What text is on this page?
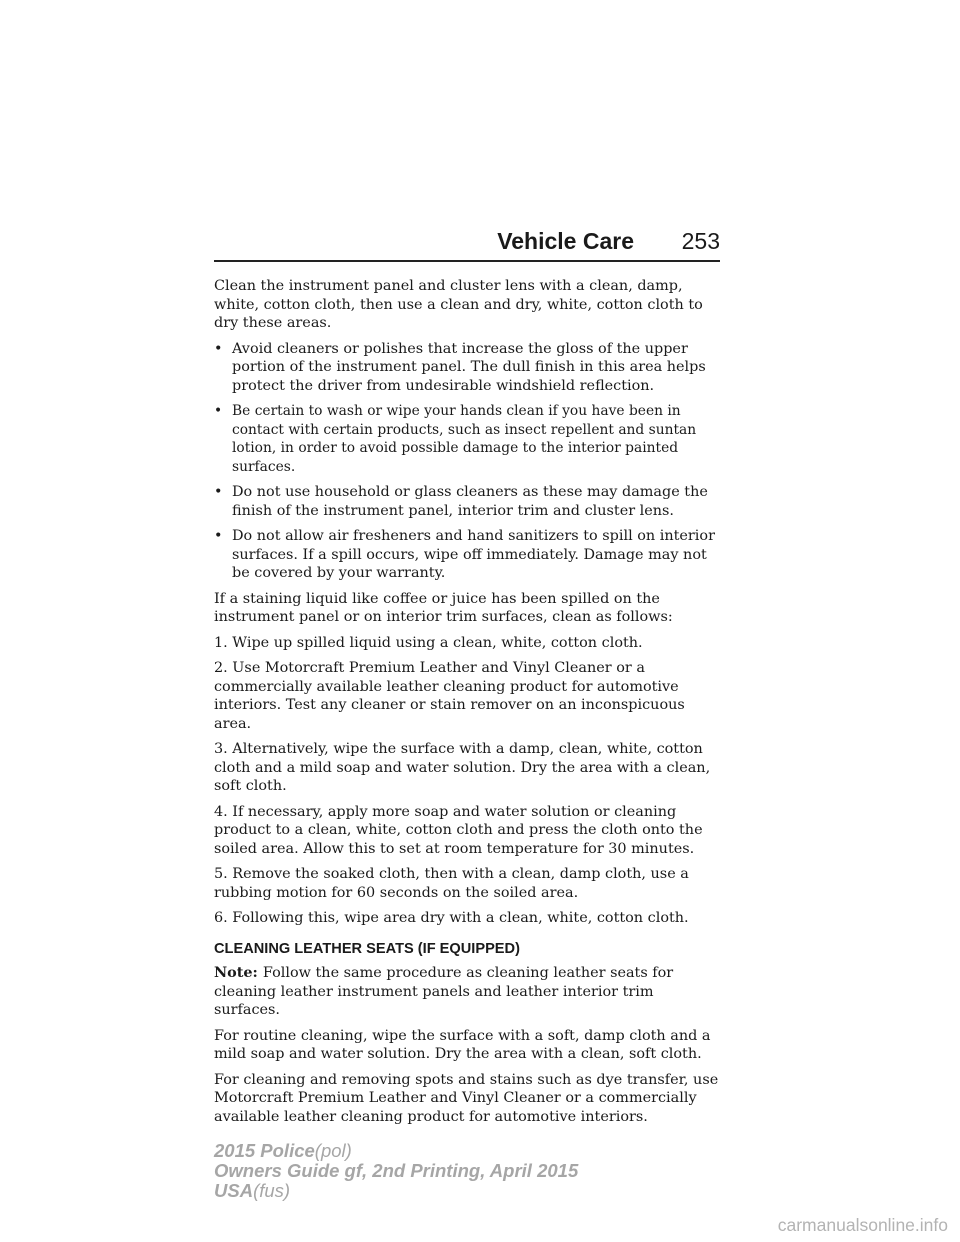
Vehicle Care 253

Clean the instrument panel and cluster lens with a clean, damp, white, cotton cloth, then use a clean and dry, white, cotton cloth to dry these areas.

• Avoid cleaners or polishes that increase the gloss of the upper portion of the instrument panel. The dull finish in this area helps protect the driver from undesirable windshield reflection.
• Be certain to wash or wipe your hands clean if you have been in contact with certain products, such as insect repellent and suntan lotion, in order to avoid possible damage to the interior painted surfaces.
• Do not use household or glass cleaners as these may damage the finish of the instrument panel, interior trim and cluster lens.
• Do not allow air fresheners and hand sanitizers to spill on interior surfaces. If a spill occurs, wipe off immediately. Damage may not be covered by your warranty.

If a staining liquid like coffee or juice has been spilled on the instrument panel or on interior trim surfaces, clean as follows:

1. Wipe up spilled liquid using a clean, white, cotton cloth.

2. Use Motorcraft Premium Leather and Vinyl Cleaner or a commercially available leather cleaning product for automotive interiors. Test any cleaner or stain remover on an inconspicuous area.

3. Alternatively, wipe the surface with a damp, clean, white, cotton cloth and a mild soap and water solution. Dry the area with a clean, soft cloth.

4. If necessary, apply more soap and water solution or cleaning product to a clean, white, cotton cloth and press the cloth onto the soiled area. Allow this to set at room temperature for 30 minutes.

5. Remove the soaked cloth, then with a clean, damp cloth, use a rubbing motion for 60 seconds on the soiled area.

6. Following this, wipe area dry with a clean, white, cotton cloth.

CLEANING LEATHER SEATS (IF EQUIPPED)

Note: Follow the same procedure as cleaning leather seats for cleaning leather instrument panels and leather interior trim surfaces.

For routine cleaning, wipe the surface with a soft, damp cloth and a mild soap and water solution. Dry the area with a clean, soft cloth.

For cleaning and removing spots and stains such as dye transfer, use Motorcraft Premium Leather and Vinyl Cleaner or a commercially available leather cleaning product for automotive interiors.

2015 Police(pol)
Owners Guide gf, 2nd Printing, April 2015
USA(fus)
carmanualsonline.info
